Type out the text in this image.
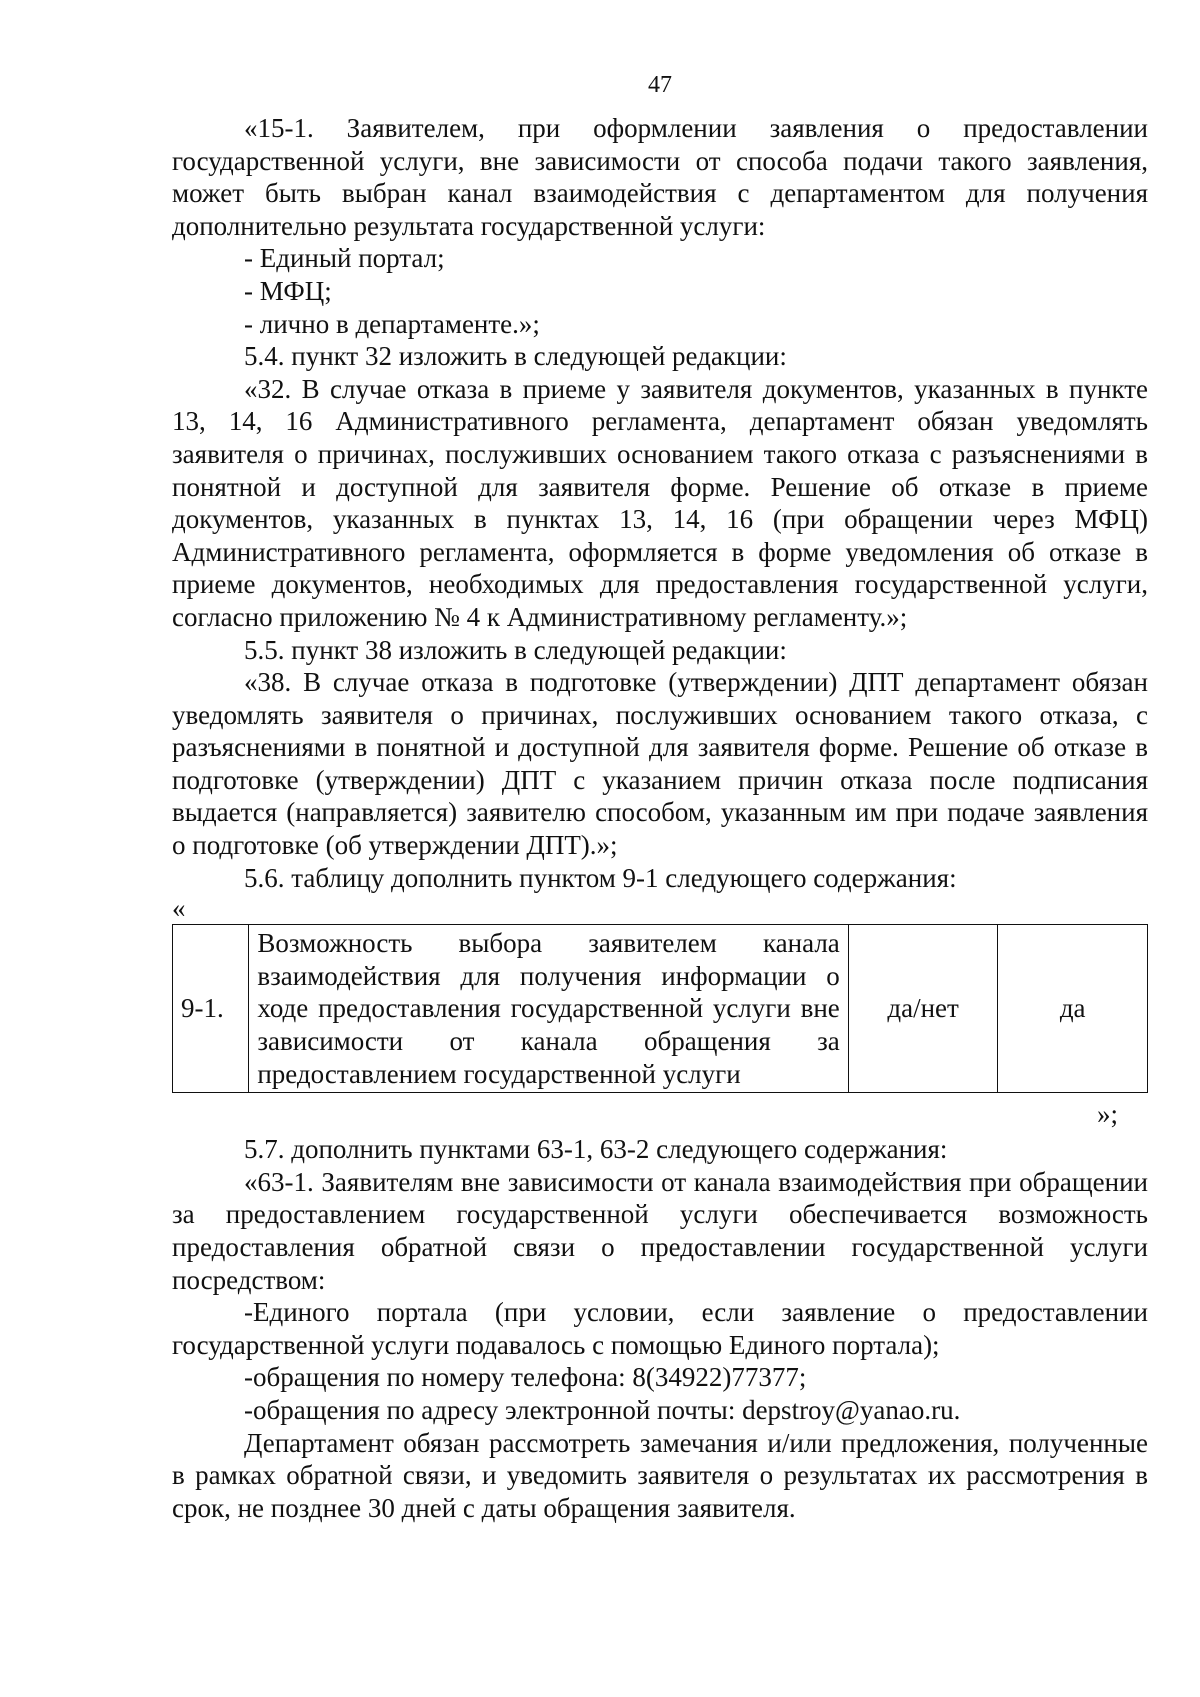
47

«15-1. Заявителем, при оформлении заявления о предоставлении государственной услуги, вне зависимости от способа подачи такого заявления, может быть выбран канал взаимодействия с департаментом для получения дополнительно результата государственной услуги:

- Единый портал;

- МФЦ;

- лично в департаменте.»;

5.4. пункт 32 изложить в следующей редакции:

«32. В случае отказа в приеме у заявителя документов, указанных в пункте 13, 14, 16 Административного регламента, департамент обязан уведомлять заявителя о причинах, послуживших основанием такого отказа с разъяснениями в понятной и доступной для заявителя форме. Решение об отказе в приеме документов, указанных в пунктах 13, 14, 16 (при обращении через МФЦ) Административного регламента, оформляется в форме уведомления об отказе в приеме документов, необходимых для предоставления государственной услуги, согласно приложению № 4 к Административному регламенту.»;

5.5. пункт 38 изложить в следующей редакции:

«38. В случае отказа в подготовке (утверждении) ДПТ департамент обязан уведомлять заявителя о причинах, послуживших основанием такого отказа, с разъяснениями в понятной и доступной для заявителя форме. Решение об отказе в подготовке (утверждении) ДПТ с указанием причин отказа после подписания выдается (направляется) заявителю способом, указанным им при подаче заявления о подготовке (об утверждении ДПТ).»;

5.6. таблицу дополнить пунктом 9-1 следующего содержания:

«
9-1.	Возможность выбора заявителем канала взаимодействия для получения информации о ходе предоставления государственной услуги вне зависимости от канала обращения за предоставлением государственной услуги	да/нет	да
»;

5.7. дополнить пунктами 63-1, 63-2 следующего содержания:

«63-1. Заявителям вне зависимости от канала взаимодействия при обращении за предоставлением государственной услуги обеспечивается возможность предоставления обратной связи о предоставлении государственной услуги посредством:

-Единого портала (при условии, если заявление о предоставлении государственной услуги подавалось с помощью Единого портала);

-обращения по номеру телефона: 8(34922)77377;

-обращения по адресу электронной почты: depstroy@yanao.ru.

Департамент обязан рассмотреть замечания и/или предложения, полученные в рамках обратной связи, и уведомить заявителя о результатах их рассмотрения в срок, не позднее 30 дней с даты обращения заявителя.
